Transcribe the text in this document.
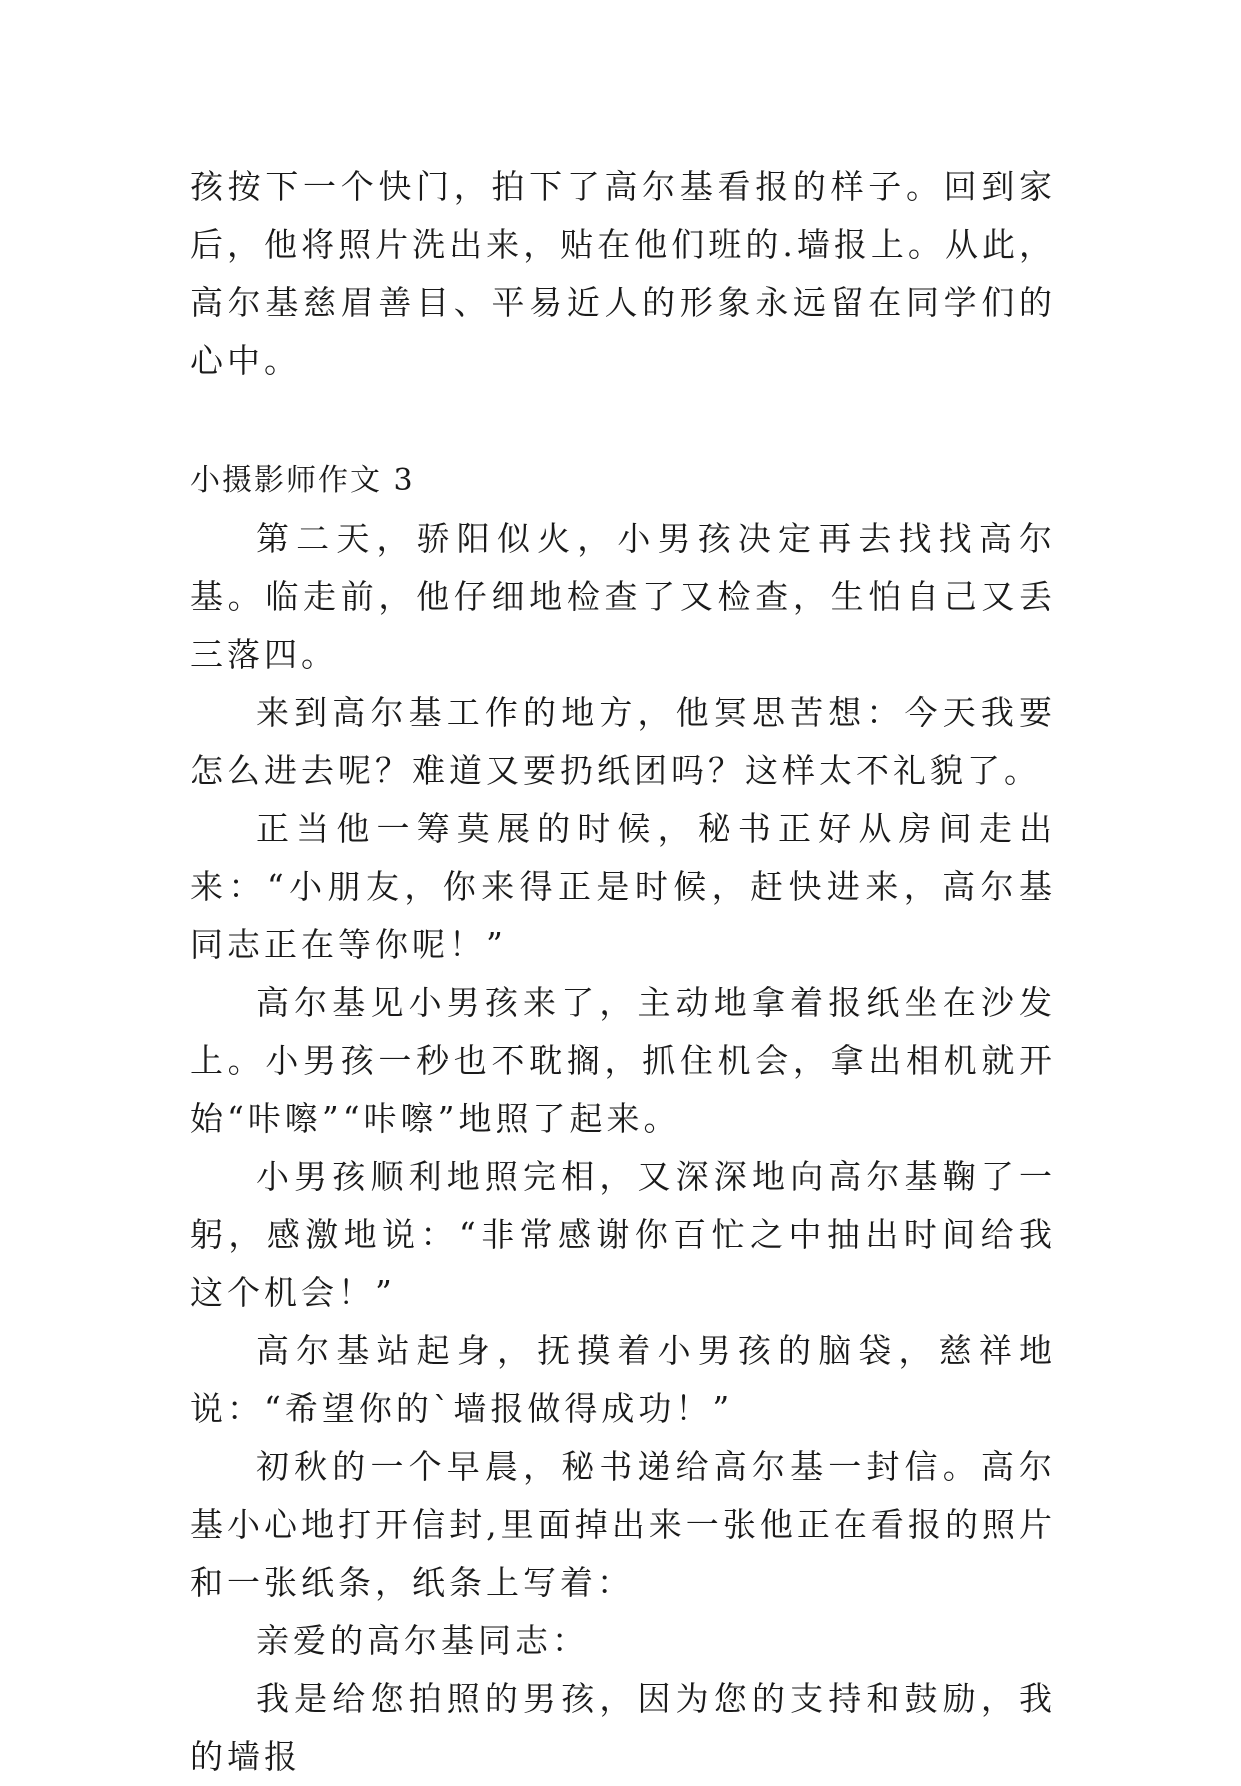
孩按下一个快门，拍下了高尔基看报的样子。回到家后，他将照片洗出来，贴在他们班的.墙报上。从此，高尔基慈眉善目、平易近人的形象永远留在同学们的心中。

小摄影师作文 3

第二天，骄阳似火，小男孩决定再去找找高尔基。临走前，他仔细地检查了又检查，生怕自己又丢三落四。

来到高尔基工作的地方，他冥思苦想：今天我要怎么进去呢？难道又要扔纸团吗？这样太不礼貌了。

正当他一筹莫展的时候，秘书正好从房间走出来：“小朋友，你来得正是时候，赶快进来，高尔基同志正在等你呢！”

高尔基见小男孩来了，主动地拿着报纸坐在沙发上。小男孩一秒也不耽搁，抓住机会，拿出相机就开始“咔嚓”“咔嚓”地照了起来。

小男孩顺利地照完相，又深深地向高尔基鞠了一躬，感激地说：“非常感谢你百忙之中抽出时间给我这个机会！”

高尔基站起身，抚摸着小男孩的脑袋，慈祥地说：“希望你的`墙报做得成功！”

初秋的一个早晨，秘书递给高尔基一封信。高尔基小心地打开信封,里面掉出来一张他正在看报的照片和一张纸条，纸条上写着：

亲爱的高尔基同志：

我是给您拍照的男孩，因为您的支持和鼓励，我的墙报
